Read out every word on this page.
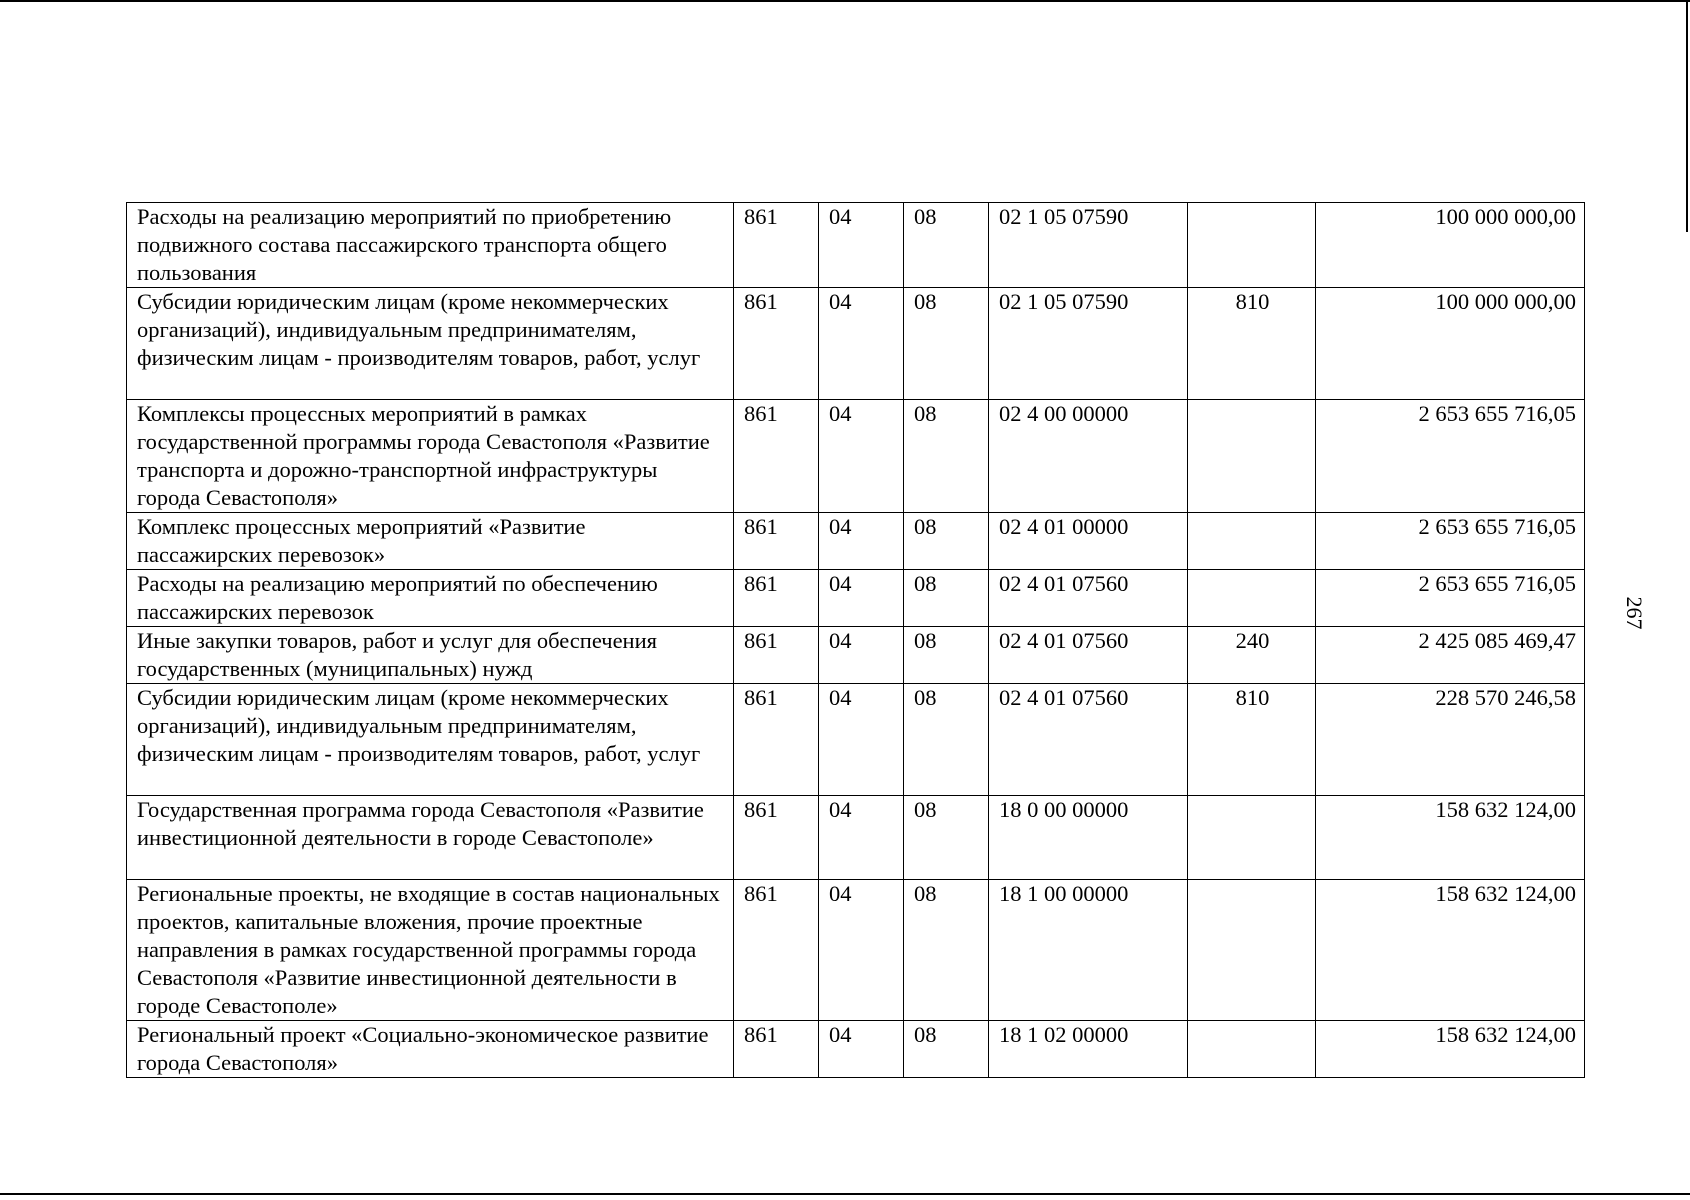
267
Расходы на реализацию мероприятий по приобретению подвижного состава пассажирского транспорта общего пользования	861	04	08	02 1 05 07590		100 000 000,00
Субсидии юридическим лицам (кроме некоммерческих организаций), индивидуальным предпринимателям, физическим лицам - производителям товаров, работ, услуг	861	04	08	02 1 05 07590	810	100 000 000,00
Комплексы процессных мероприятий в рамках государственной программы города Севастополя «Развитие транспорта и дорожно-транспортной инфраструктуры города Севастополя»	861	04	08	02 4 00 00000		2 653 655 716,05
Комплекс процессных мероприятий «Развитие пассажирских перевозок»	861	04	08	02 4 01 00000		2 653 655 716,05
Расходы на реализацию мероприятий по обеспечению пассажирских перевозок	861	04	08	02 4 01 07560		2 653 655 716,05
Иные закупки товаров, работ и услуг для обеспечения государственных (муниципальных) нужд	861	04	08	02 4 01 07560	240	2 425 085 469,47
Субсидии юридическим лицам (кроме некоммерческих организаций), индивидуальным предпринимателям, физическим лицам - производителям товаров, работ, услуг	861	04	08	02 4 01 07560	810	228 570 246,58
Государственная программа города Севастополя «Развитие инвестиционной деятельности в городе Севастополе»	861	04	08	18 0 00 00000		158 632 124,00
Региональные проекты, не входящие в состав национальных проектов, капитальные вложения, прочие проектные направления в рамках государственной программы города Севастополя «Развитие инвестиционной деятельности в городе Севастополе»	861	04	08	18 1 00 00000		158 632 124,00
Региональный проект «Социально-экономическое развитие города Севастополя»	861	04	08	18 1 02 00000		158 632 124,00
